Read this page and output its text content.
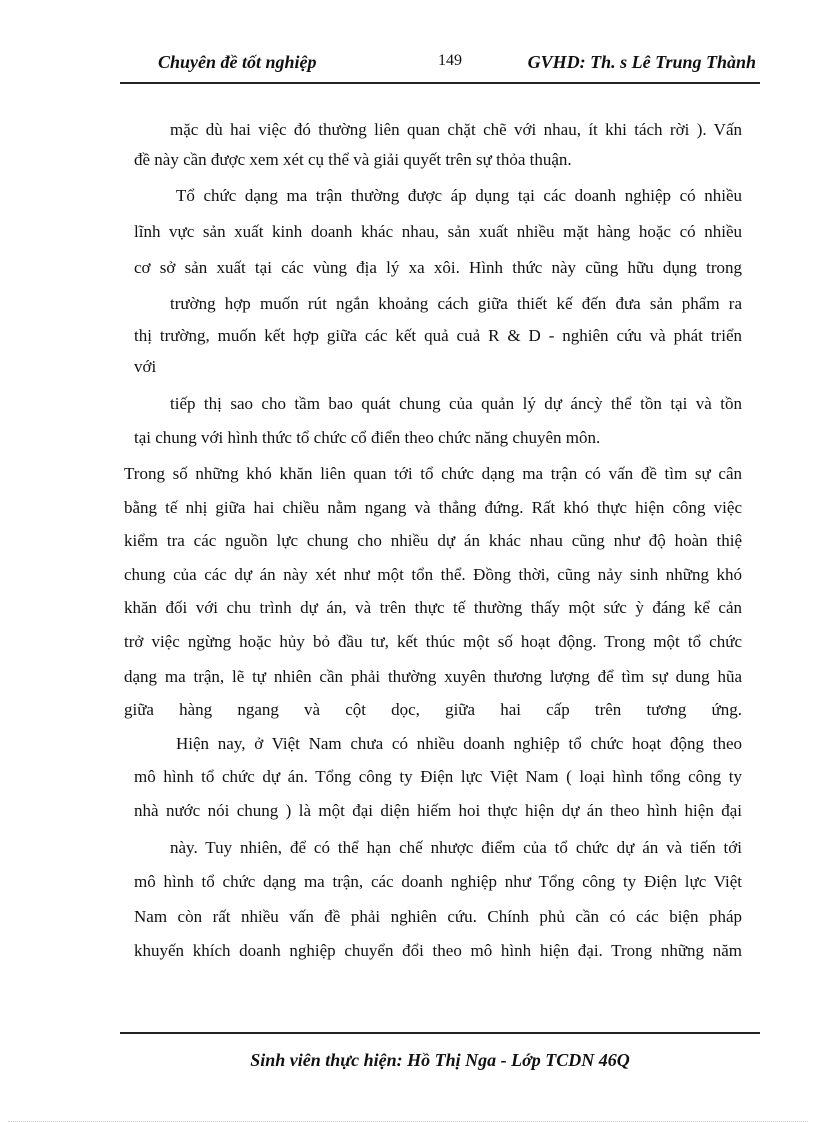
Chuyên đề tốt nghiệp	149	GVHD: Th. s Lê Trung Thành
mặc dù hai việc đó thường liên quan chặt chẽ với nhau, ít khi tách rời ). Vấn
đề này cần được xem xét cụ thể và giải quyết trên sự thỏa thuận.
Tổ chức dạng ma trận thường được áp dụng tại các doanh nghiệp có nhiều
lĩnh vực sản xuất kinh doanh khác nhau, sản xuất nhiều mặt hàng hoặc có nhiều
cơ sở sản xuất tại các vùng địa lý xa xôi. Hình thức này cũng hữu dụng trong
trường hợp muốn rút ngắn khoảng cách giữa thiết kế đến đưa sản phẩm ra
thị trường, muốn kết hợp giữa các kết quả cuả R & D - nghiên cứu và phát triển
với
tiếp thị sao cho tầm bao quát chung của quản lý dự áncỳ thể tồn tại và tồn
tại chung với hình thức tổ chức cổ điển theo chức năng chuyên môn.
Trong số những khó khăn liên quan tới tổ chức dạng ma trận có vấn đề tìm sự cân
bằng tế nhị giữa hai chiều nằm ngang và thẳng đứng. Rất khó thực hiện công việc
kiểm tra các nguồn lực chung cho nhiều dự án khác nhau cũng như độ hoàn thiệ
chung của các dự án này xét như một tổn thể. Đồng thời, cũng nảy sinh những khó
khăn đối với chu trình dự án, và trên thực tế thường thấy một sức ỳ đáng kể cản
trở việc ngừng hoặc hủy bỏ đầu tư, kết thúc một số hoạt động. Trong một tổ chức
dạng ma trận, lẽ tự nhiên cần phải thường xuyên thương lượng để tìm sự dung hũa
giữa hàng ngang và cột dọc, giữa hai cấp trên tương ứng.
Hiện nay, ở Việt Nam chưa có nhiều doanh nghiệp tổ chức hoạt động theo
mô hình tổ chức dự án. Tổng công ty Điện lực Việt Nam ( loại hình tổng công ty
nhà nước nói chung ) là một đại diện hiếm hoi thực hiện dự án theo hình hiện đại
này. Tuy nhiên, để có thể hạn chế nhược điểm của tổ chức dự án và tiến tới
mô hình tổ chức dạng ma trận, các doanh nghiệp như Tổng công ty Điện lực Việt
Nam còn rất nhiều vấn đề phải nghiên cứu. Chính phủ cần có các biện pháp
khuyến khích doanh nghiệp chuyển đổi theo mô hình hiện đại. Trong những năm
Sinh viên thực hiện: Hồ Thị Nga - Lớp TCDN 46Q
